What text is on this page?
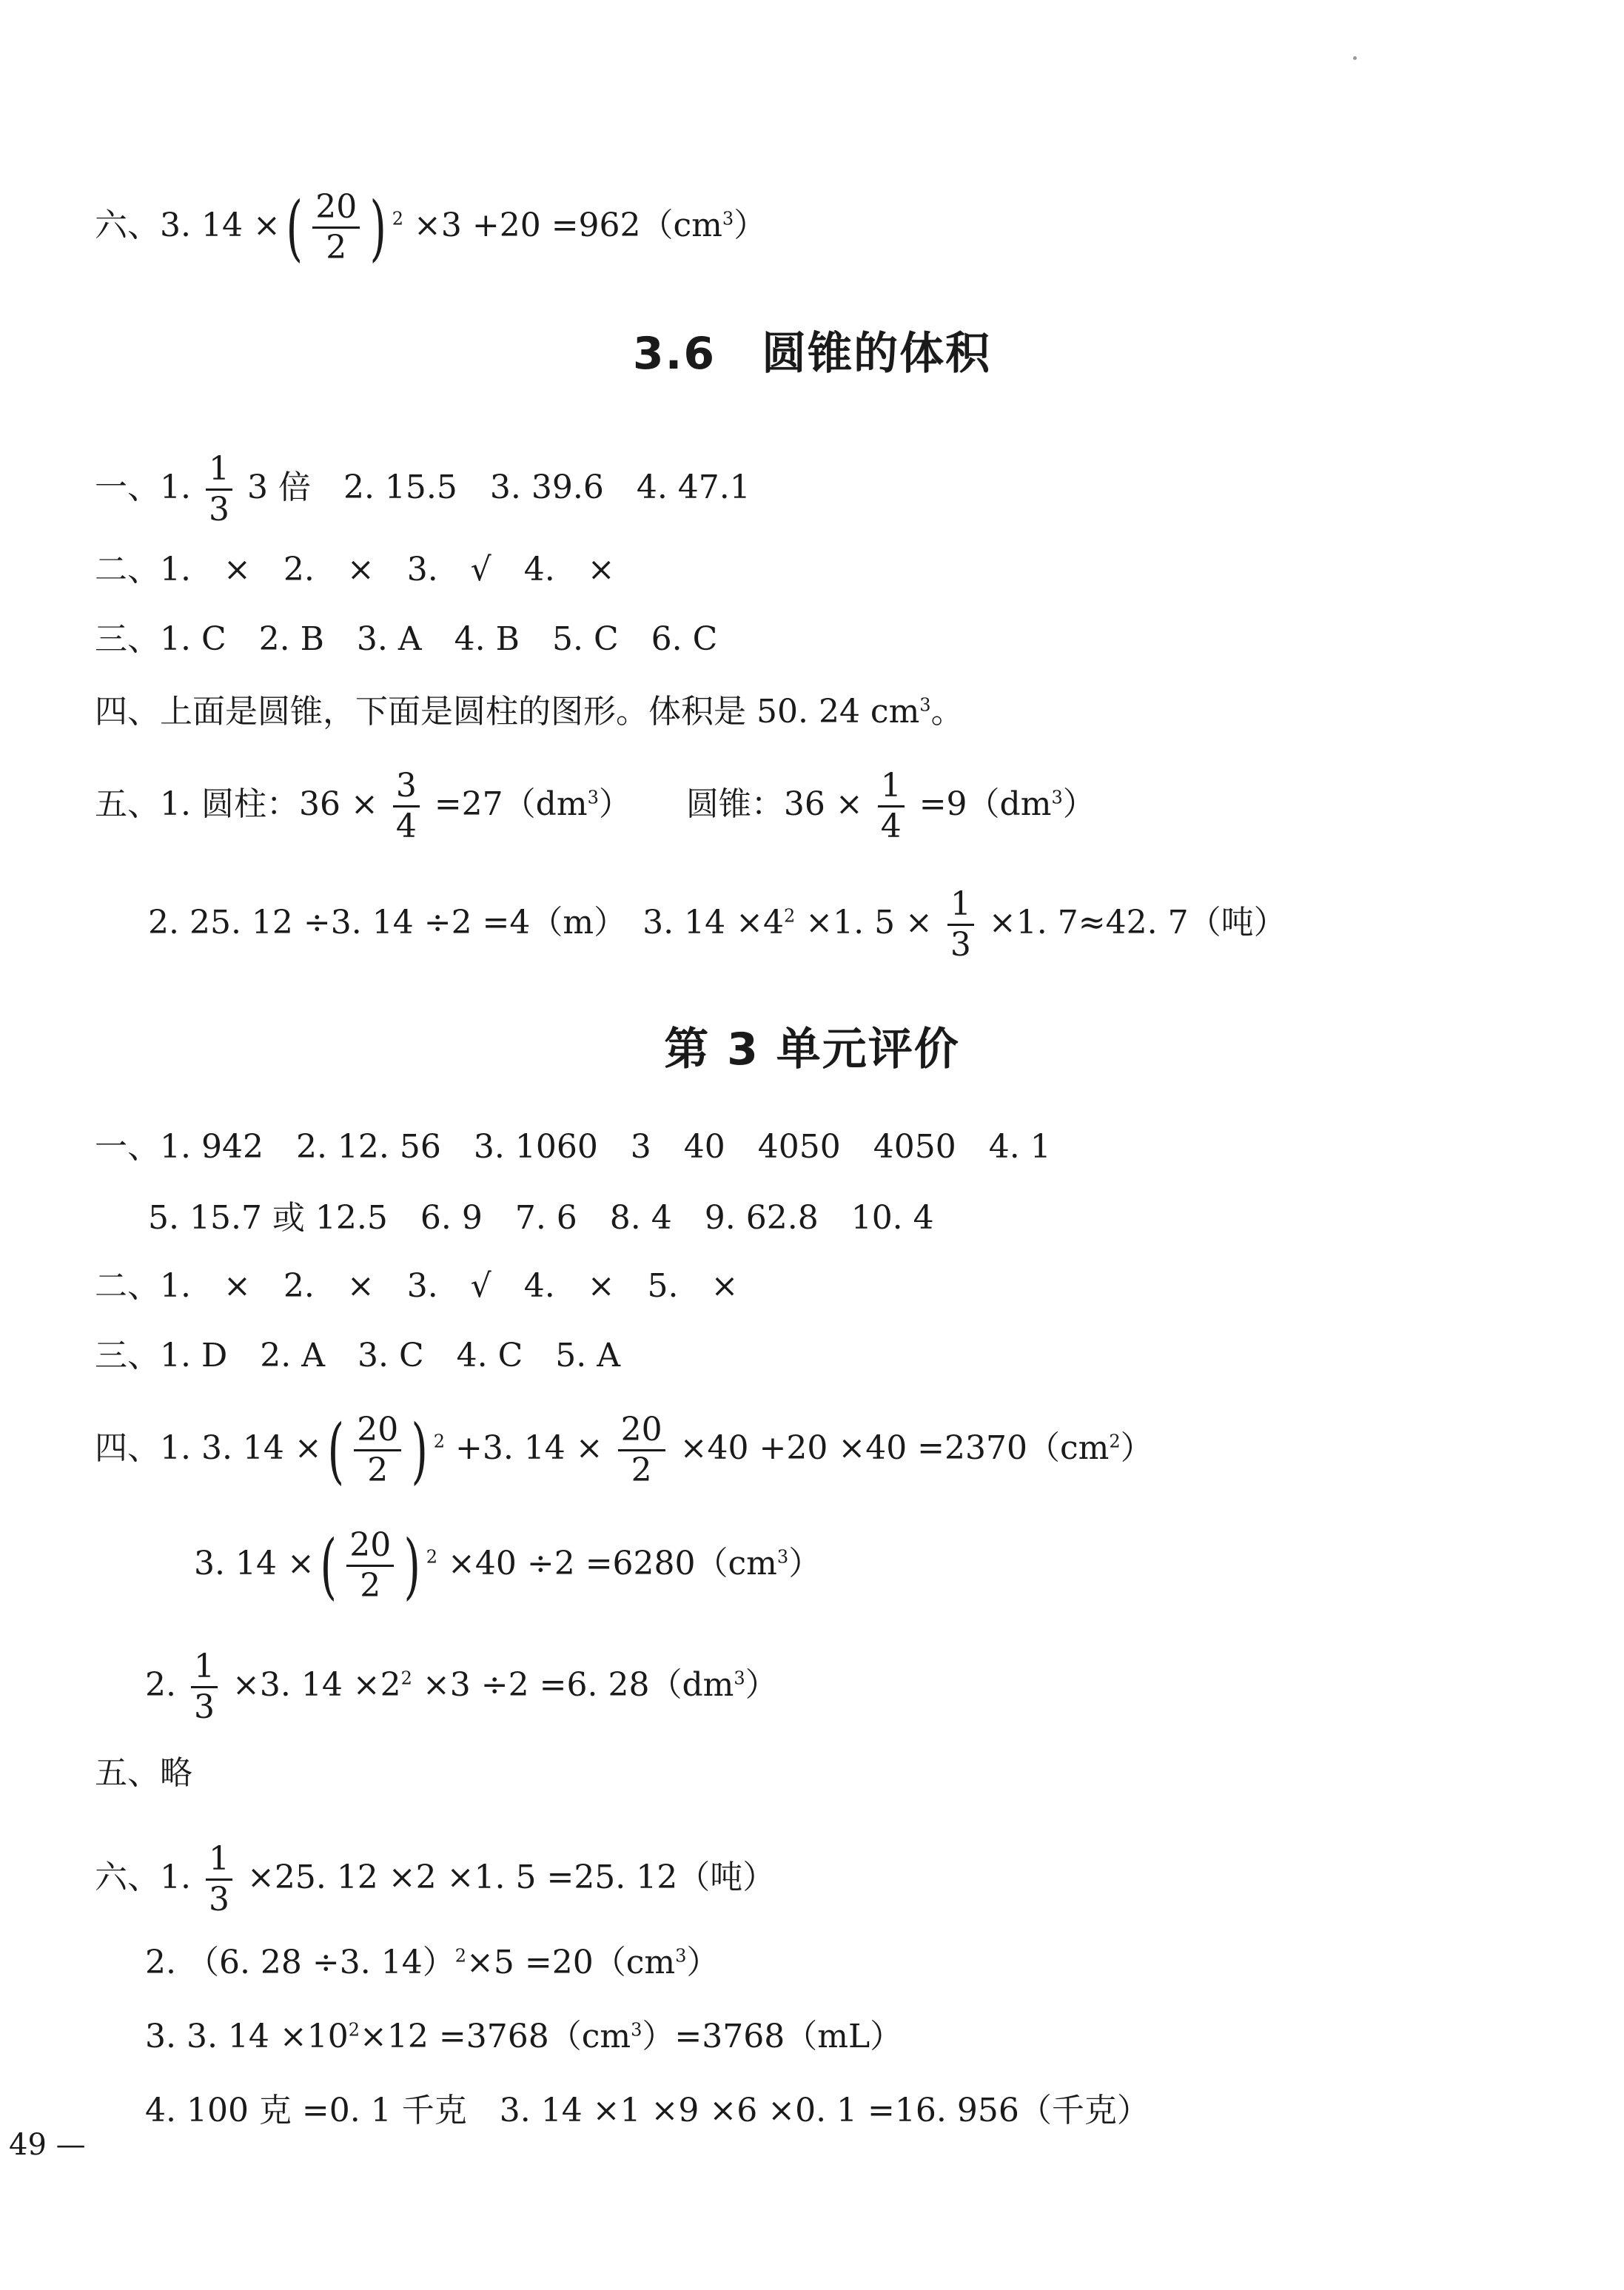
六、3. 14 ×( $\frac{20}{2}$ ) $^2 \times 3 +20 =962(cm^3)$
3.6　圆锥的体积
一、1. $\frac{1}{3} 3$ 倍　2. 15.5　3. 39.6　4. 47.1
二、1.　×　2.　×　3.　√　4.　×
三、1. C　2. B　3. A　4. B　5. C　6. C
四、上面是圆锥，下面是圆柱的图形。体积是 50. 24 $cm^3$。
五、1. 圆柱：$36 \times \frac{3}{4} =27(dm^3)$ 圆锥：$36 \times \frac{1}{4} =9(dm^3)$
2. 25. 12 ÷3. 14 ÷2 =4（m）　3. $14 \times 4^2 \times 1$. $5 \times \frac{1}{3} \times 1$. 7≈42. 7（吨）
第 3 单元评价
一、1. 942　2. 12. 56　3. 1060　3　40　4050　4050　4. 1
5. 15.7 或 12.5　6. 9　7. 6　8. 4　9. 62.8　10. 4
二、1.　×　2.　×　3.　√　4.　×　5.　×
三、1. D　2. A　3. C　4. C　5. A
四、1. 3. 14 ×( $\frac{20}{2}$ ) $^2$ +3. $14 \times \frac{20}{2} \times 40 +20 \times 40 =2370(cm^2)$
3. 14 ×( $\frac{20}{2}$ ) $^2 \times 40 \div 2 =6280(cm^3)$
2. $\frac{1}{3} \times 3$. $14 \times 2^2 \times 3 \div 2 =6$. $28(dm^3)$
五、略
六、1. $\frac{1}{3} \times 25$. 12 ×2 ×1. 5 =25. 12（吨）
2. （6. 28 ÷3. $14)^2\times 5 =20(cm^3)$
3. 3. $14 \times 10^2\times 12 =3768(cm^3)=3768(mL)$
4. 100 克 =0. 1 千克　3. 14 ×1 ×9 ×6 ×0. 1 =16. 956（千克）
49 —
